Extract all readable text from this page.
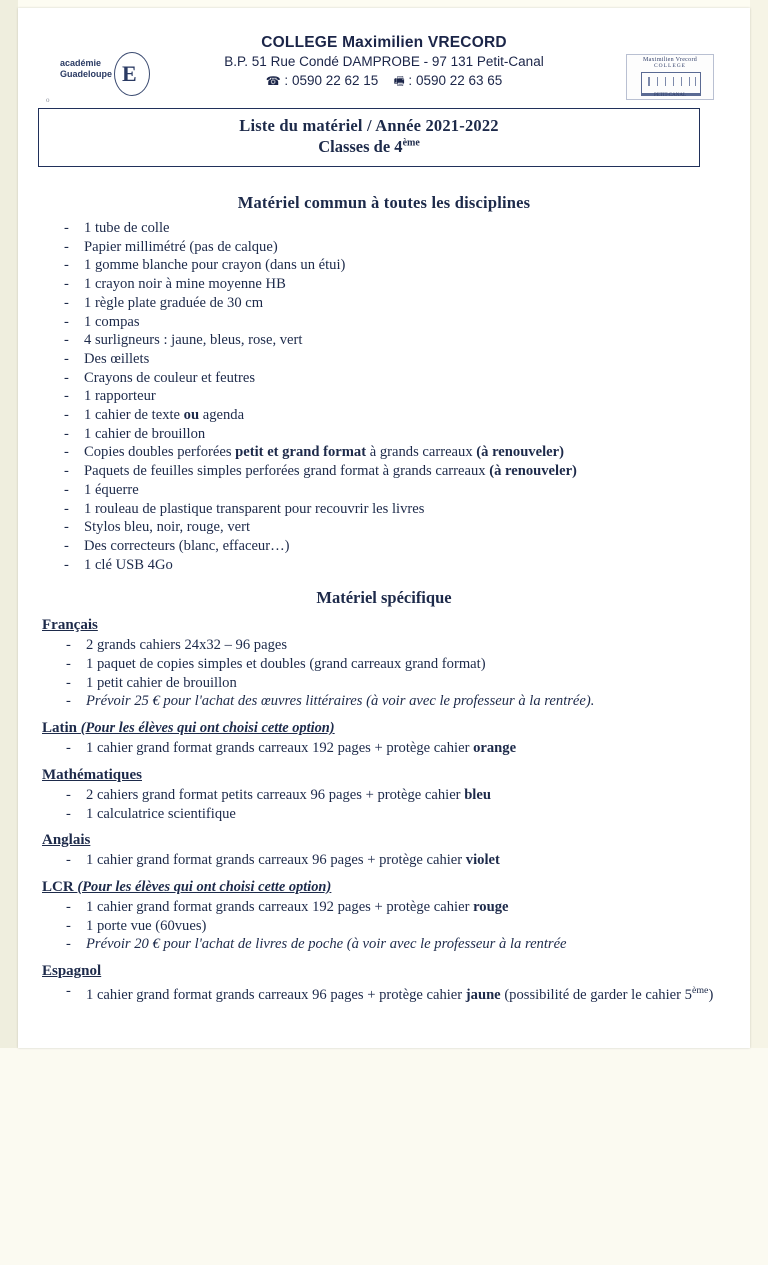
académie
Guadeloupe E
o
Maximilien Vrecord
COLLEGE
PETIT-CANAL
COLLEGE Maximilien VRECORD
B.P. 51 Rue Condé DAMPROBE - 97 131 Petit-Canal
☎ : 0590 22 62 15 🖷 : 0590 22 63 65
Liste du matériel / Année 2021-2022
Classes de 4ème
Matériel commun à toutes les disciplines
- 1 tube de colle
- Papier millimétré (pas de calque)
- 1 gomme blanche pour crayon (dans un étui)
- 1 crayon noir à mine moyenne HB
- 1 règle plate graduée de 30 cm
- 1 compas
- 4 surligneurs : jaune, bleus, rose, vert
- Des œillets
- Crayons de couleur et feutres
- 1 rapporteur
- 1 cahier de texte ou agenda
- 1 cahier de brouillon
- Copies doubles perforées petit et grand format à grands carreaux (à renouveler)
- Paquets de feuilles simples perforées grand format à grands carreaux (à renouveler)
- 1 équerre
- 1 rouleau de plastique transparent pour recouvrir les livres
- Stylos bleu, noir, rouge, vert
- Des correcteurs (blanc, effaceur…)
- 1 clé USB 4Go
Matériel spécifique
Français
- 2 grands cahiers 24x32 – 96 pages
- 1 paquet de copies simples et doubles (grand carreaux grand format)
- 1 petit cahier de brouillon
- Prévoir 25 € pour l'achat des œuvres littéraires (à voir avec le professeur à la rentrée).
Latin (Pour les élèves qui ont choisi cette option)
- 1 cahier grand format grands carreaux 192 pages + protège cahier orange
Mathématiques
- 2 cahiers grand format petits carreaux 96 pages + protège cahier bleu
- 1 calculatrice scientifique
Anglais
- 1 cahier grand format grands carreaux 96 pages + protège cahier violet
LCR (Pour les élèves qui ont choisi cette option)
- 1 cahier grand format grands carreaux 192 pages + protège cahier rouge
- 1 porte vue (60vues)
- Prévoir 20 € pour l'achat de livres de poche (à voir avec le professeur à la rentrée
Espagnol
- 1 cahier grand format grands carreaux 96 pages + protège cahier jaune (possibilité de garder le cahier 5ème)
